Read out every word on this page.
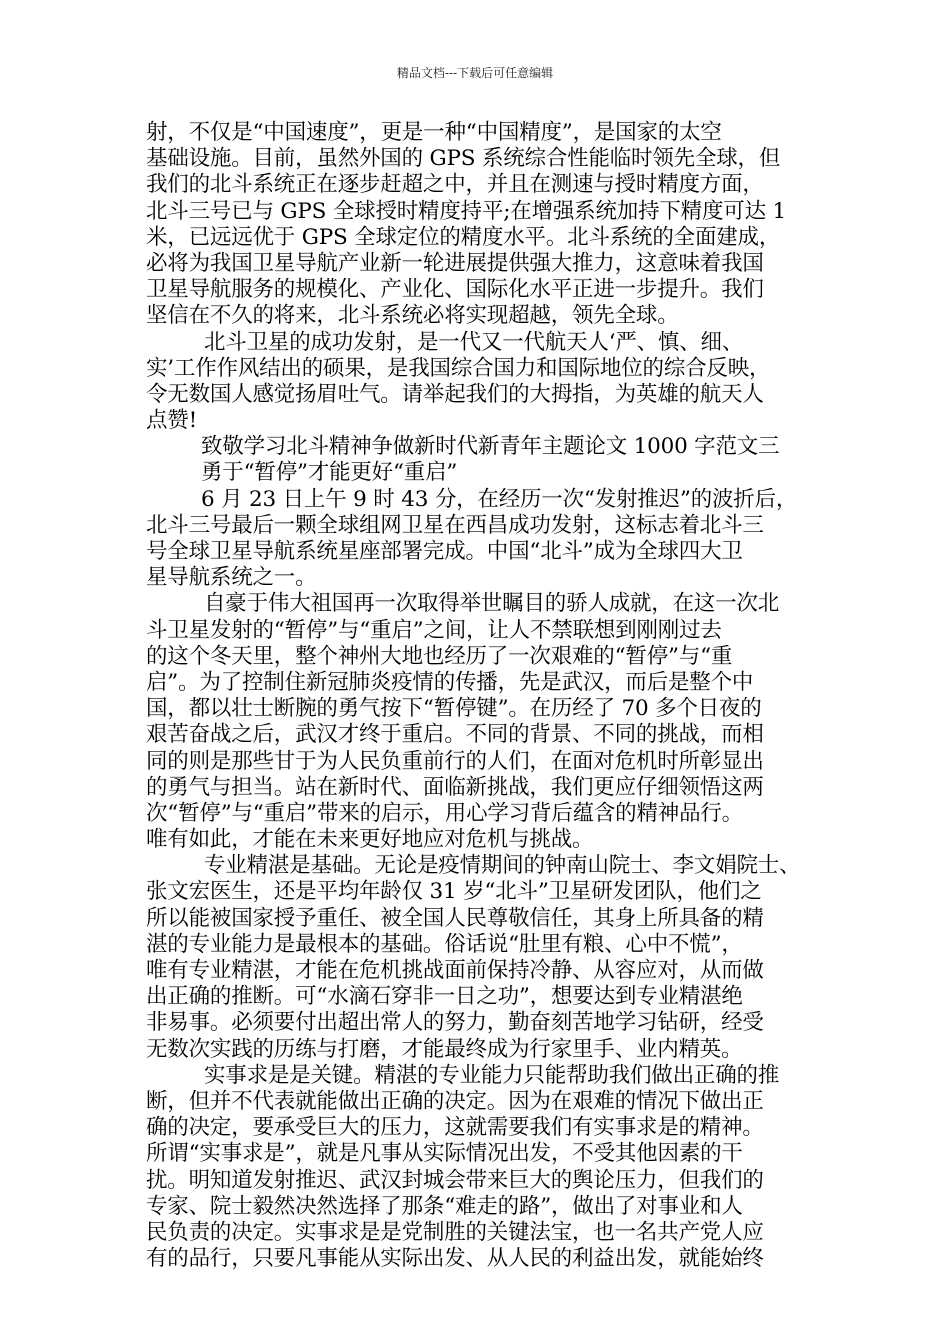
精品文档---下载后可任意编辑
射，不仅是“中国速度”，更是一种“中国精度”，是国家的太空
基础设施。目前，虽然外国的 GPS 系统综合性能临时领先全球，但
我们的北斗系统正在逐步赶超之中，并且在测速与授时精度方面，
北斗三号已与 GPS 全球授时精度持平;在增强系统加持下精度可达 1
米，已远远优于 GPS 全球定位的精度水平。北斗系统的全面建成，
必将为我国卫星导航产业新一轮进展提供强大推力，这意味着我国
卫星导航服务的规模化、产业化、国际化水平正进一步提升。我们
坚信在不久的将来，北斗系统必将实现超越，领先全球。
北斗卫星的成功发射，是一代又一代航天人‘严、慎、细、
实’工作作风结出的硕果，是我国综合国力和国际地位的综合反映，
令无数国人感觉扬眉吐气。请举起我们的大拇指，为英雄的航天人
点赞!
致敬学习北斗精神争做新时代新青年主题论文 1000 字范文三
勇于“暂停”才能更好“重启”
6 月 23 日上午 9 时 43 分，在经历一次“发射推迟”的波折后，
北斗三号最后一颗全球组网卫星在西昌成功发射，这标志着北斗三
号全球卫星导航系统星座部署完成。中国“北斗”成为全球四大卫
星导航系统之一。
自豪于伟大祖国再一次取得举世瞩目的骄人成就，在这一次北
斗卫星发射的“暂停”与“重启”之间，让人不禁联想到刚刚过去
的这个冬天里，整个神州大地也经历了一次艰难的“暂停”与“重
启”。为了控制住新冠肺炎疫情的传播，先是武汉，而后是整个中
国，都以壮士断腕的勇气按下“暂停键”。在历经了 70 多个日夜的
艰苦奋战之后，武汉才终于重启。不同的背景、不同的挑战，而相
同的则是那些甘于为人民负重前行的人们，在面对危机时所彰显出
的勇气与担当。站在新时代、面临新挑战，我们更应仔细领悟这两
次“暂停”与“重启”带来的启示，用心学习背后蕴含的精神品行。
唯有如此，才能在未来更好地应对危机与挑战。
专业精湛是基础。无论是疫情期间的钟南山院士、李文娟院士、
张文宏医生，还是平均年龄仅 31 岁“北斗”卫星研发团队，他们之
所以能被国家授予重任、被全国人民尊敬信任，其身上所具备的精
湛的专业能力是最根本的基础。俗话说“肚里有粮、心中不慌”，
唯有专业精湛，才能在危机挑战面前保持冷静、从容应对，从而做
出正确的推断。可“水滴石穿非一日之功”，想要达到专业精湛绝
非易事。必须要付出超出常人的努力，勤奋刻苦地学习钻研，经受
无数次实践的历练与打磨，才能最终成为行家里手、业内精英。
实事求是是关键。精湛的专业能力只能帮助我们做出正确的推
断，但并不代表就能做出正确的决定。因为在艰难的情况下做出正
确的决定，要承受巨大的压力，这就需要我们有实事求是的精神。
所谓“实事求是”，就是凡事从实际情况出发，不受其他因素的干
扰。明知道发射推迟、武汉封城会带来巨大的舆论压力，但我们的
专家、院士毅然决然选择了那条“难走的路”，做出了对事业和人
民负责的决定。实事求是是党制胜的关键法宝，也一名共产党人应
有的品行，只要凡事能从实际出发、从人民的利益出发，就能始终
